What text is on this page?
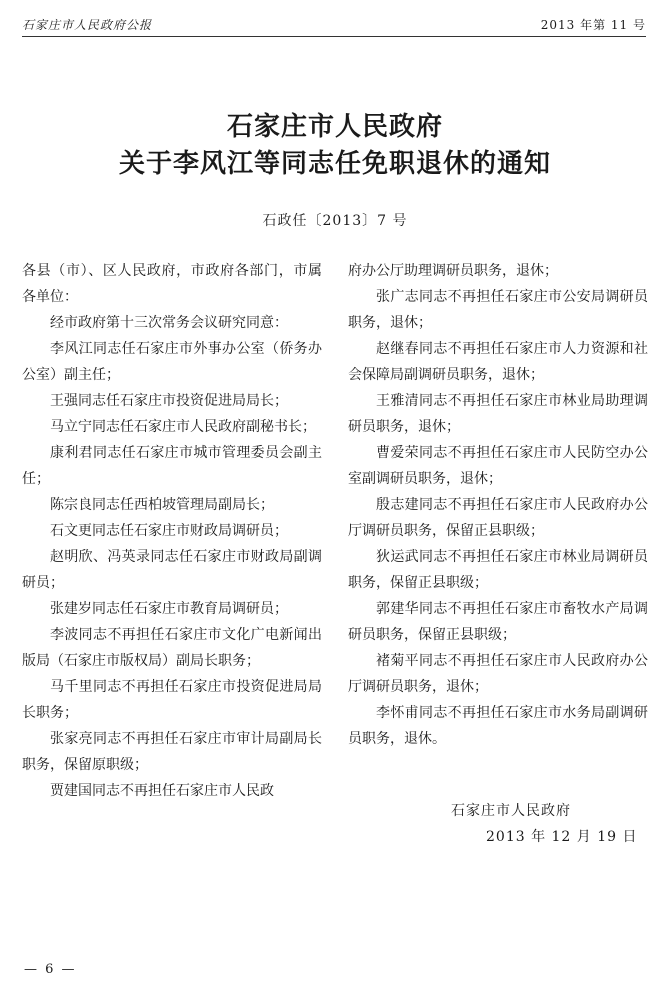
石家庄市人民政府公报	2013 年第 11 号
石家庄市人民政府
关于李风江等同志任免职退休的通知
石政任〔2013〕7 号

各县（市）、区人民政府，市政府各部门，市属各单位：

经市政府第十三次常务会议研究同意：

李风江同志任石家庄市外事办公室（侨务办公室）副主任；

王强同志任石家庄市投资促进局局长；

马立宁同志任石家庄市人民政府副秘书长；

康利君同志任石家庄市城市管理委员会副主任；

陈宗良同志任西柏坡管理局副局长；

石文更同志任石家庄市财政局调研员；

赵明欣、冯英录同志任石家庄市财政局副调研员；

张建岁同志任石家庄市教育局调研员；

李波同志不再担任石家庄市文化广电新闻出版局（石家庄市版权局）副局长职务；

马千里同志不再担任石家庄市投资促进局局长职务；

张家亮同志不再担任石家庄市审计局副局长职务，保留原职级；

贾建国同志不再担任石家庄市人民政

府办公厅助理调研员职务，退休；

张广志同志不再担任石家庄市公安局调研员职务，退休；

赵继春同志不再担任石家庄市人力资源和社会保障局副调研员职务，退休；

王雅清同志不再担任石家庄市林业局助理调研员职务，退休；

曹爱荣同志不再担任石家庄市人民防空办公室副调研员职务，退休；

殷志建同志不再担任石家庄市人民政府办公厅调研员职务，保留正县职级；

狄运武同志不再担任石家庄市林业局调研员职务，保留正县职级；

郭建华同志不再担任石家庄市畜牧水产局调研员职务，保留正县职级；

褚菊平同志不再担任石家庄市人民政府办公厅调研员职务，退休；

李怀甫同志不再担任石家庄市水务局副调研员职务，退休。

石家庄市人民政府
2013 年 12 月 19 日
— 6 —
